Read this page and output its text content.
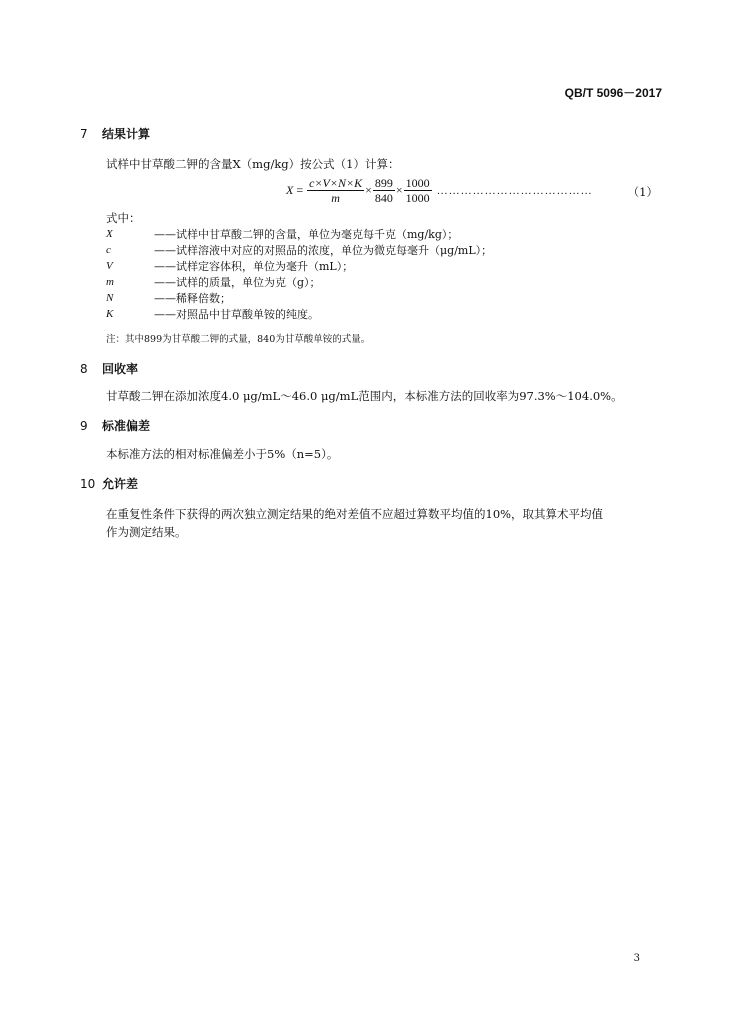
QB/T 5096－2017
7 结果计算
试样中甘草酸二钾的含量X（mg/kg）按公式（1）计算：
$X = \frac{c\times V\times N\times K}{m} \times \frac{899}{840} \times \frac{1000}{1000}$ …………………………………	（1）
式中：
X	—— 试样中甘草酸二钾的含量，单位为毫克每千克（mg/kg）；
c	—— 试样溶液中对应的对照品的浓度，单位为微克每毫升（μg/mL）；
V	—— 试样定容体积，单位为毫升（mL）；
m	—— 试样的质量，单位为克（g）；
N	—— 稀释倍数；
K	—— 对照品中甘草酸单铵的纯度。
注：其中899为甘草酸二钾的式量，840为甘草酸单铵的式量。
8 回收率
甘草酸二钾在添加浓度4.0 μg/mL～46.0 μg/mL范围内，本标准方法的回收率为97.3%～104.0%。
9 标准偏差
本标准方法的相对标准偏差小于5%（n=5）。
10 允许差
在重复性条件下获得的两次独立测定结果的绝对差值不应超过算数平均值的10%，取其算术平均值
作为测定结果。
3
